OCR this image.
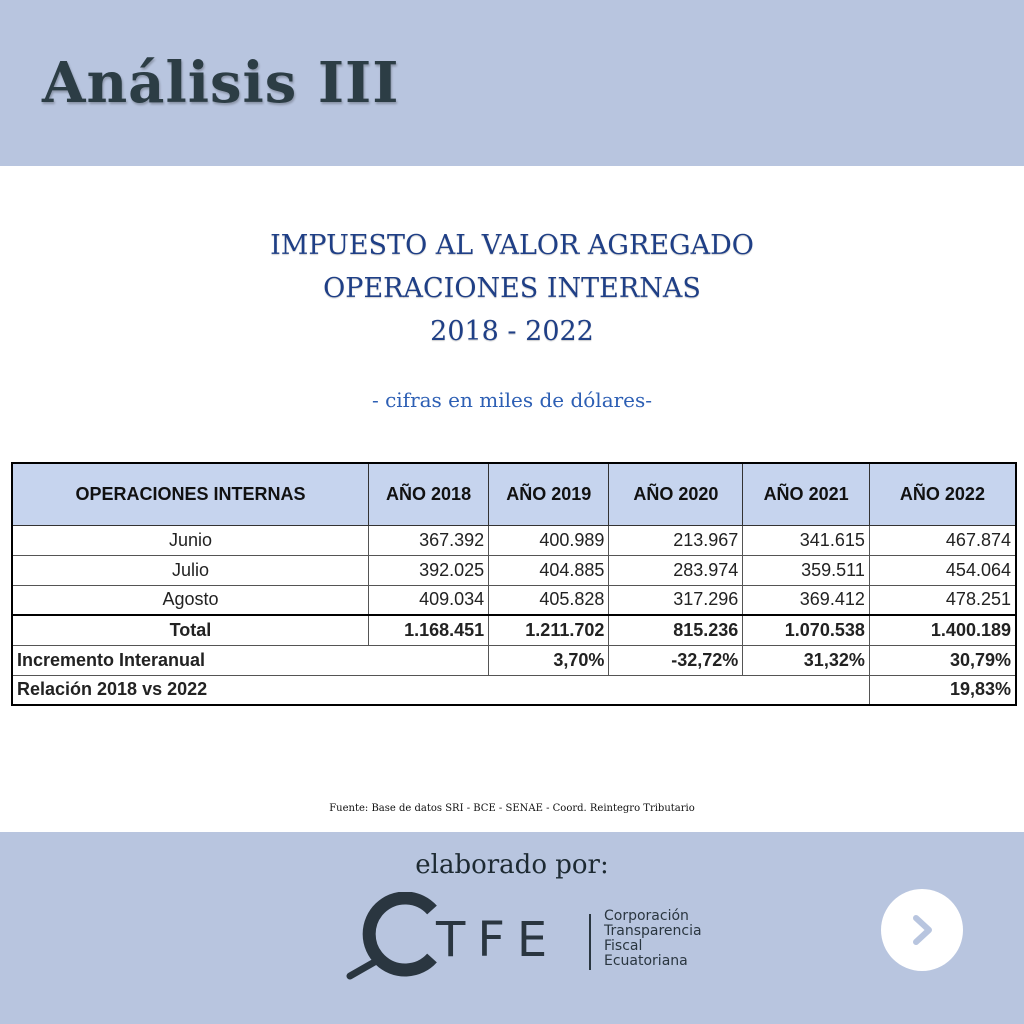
Análisis III
IMPUESTO AL VALOR AGREGADO
OPERACIONES INTERNAS
2018 - 2022
- cifras en miles de dólares-
OPERACIONES INTERNAS	AÑO 2018	AÑO 2019	AÑO 2020	AÑO 2021	AÑO 2022
Junio	367.392	400.989	213.967	341.615	467.874
Julio	392.025	404.885	283.974	359.511	454.064
Agosto	409.034	405.828	317.296	369.412	478.251
Total	1.168.451	1.211.702	815.236	1.070.538	1.400.189
Incremento Interanual		3,70%	-32,72%	31,32%	30,79%
Relación 2018 vs 2022					19,83%
Fuente: Base de datos SRI - BCE - SENAE - Coord. Reintegro Tributario
elaborado por:
TFE	Corporación
Transparencia
Fiscal
Ecuatoriana
